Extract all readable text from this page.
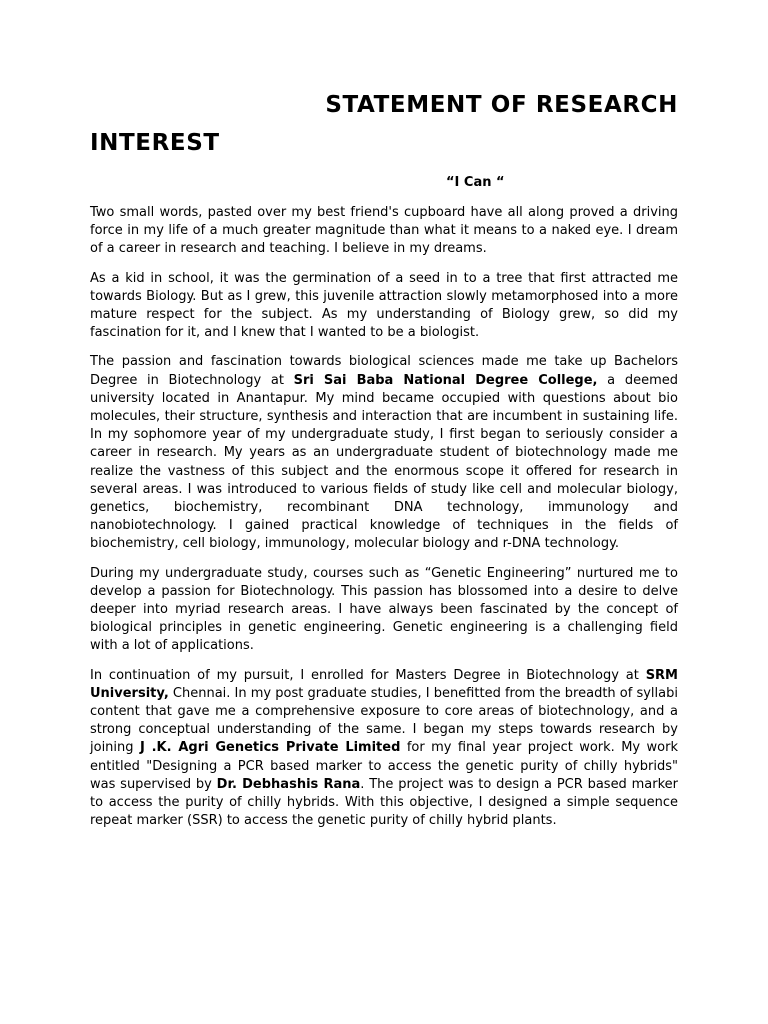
STATEMENT OF RESEARCH
INTEREST
“I Can “

Two small words, pasted over my best friend's cupboard have all along proved a driving force in my life of a much greater magnitude than what it means to a naked eye. I dream of a career in research and teaching. I believe in my dreams.

As a kid in school, it was the germination of a seed in to a tree that first attracted me towards Biology. But as I grew, this juvenile attraction slowly metamorphosed into a more mature respect for the subject. As my understanding of Biology grew, so did my fascination for it, and I knew that I wanted to be a biologist.

The passion and fascination towards biological sciences made me take up Bachelors Degree in Biotechnology at Sri Sai Baba National Degree College, a deemed university located in Anantapur. My mind became occupied with questions about bio molecules, their structure, synthesis and interaction that are incumbent in sustaining life. In my sophomore year of my undergraduate study, I first began to seriously consider a career in research. My years as an undergraduate student of biotechnology made me realize the vastness of this subject and the enormous scope it offered for research in several areas. I was introduced to various fields of study like cell and molecular biology, genetics, biochemistry, recombinant DNA technology, immunology and nanobiotechnology. I gained practical knowledge of techniques in the fields of biochemistry, cell biology, immunology, molecular biology and r-DNA technology.

During my undergraduate study, courses such as “Genetic Engineering” nurtured me to develop a passion for Biotechnology. This passion has blossomed into a desire to delve deeper into myriad research areas. I have always been fascinated by the concept of biological principles in genetic engineering. Genetic engineering is a challenging field with a lot of applications.

In continuation of my pursuit, I enrolled for Masters Degree in Biotechnology at SRM University, Chennai. In my post graduate studies, I benefitted from the breadth of syllabi content that gave me a comprehensive exposure to core areas of biotechnology, and a strong conceptual understanding of the same. I began my steps towards research by joining J .K. Agri Genetics Private Limited for my final year project work. My work entitled "Designing a PCR based marker to access the genetic purity of chilly hybrids" was supervised by Dr. Debhashis Rana. The project was to design a PCR based marker to access the purity of chilly hybrids. With this objective, I designed a simple sequence repeat marker (SSR) to access the genetic purity of chilly hybrid plants.
